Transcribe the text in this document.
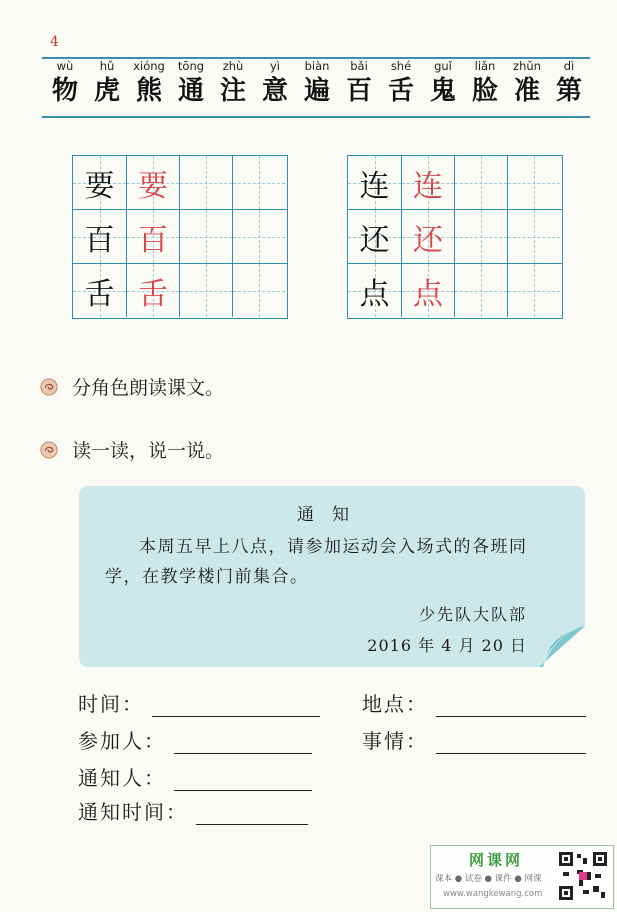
4
wù
物
hǔ
虎
xióng
熊
tōng
通
zhù
注
yì
意
biàn
遍
bǎi
百
shé
舌
guǐ
鬼
liǎn
脸
zhǔn
准
dì
第
要 要
百 百
舌 舌
连 连
还 还
点 点
分角色朗读课文。
读一读，说一说。
通知
本周五早上八点，请参加运动会入场式的各班同学，在教学楼门前集合。
少先队大队部
2016 年 4 月 20 日
时间：	地点：
参加人：	事情：
通知人：
通知时间：
网课网
课本 ● 试卷 ● 课件 ● 网课
www.wangkewang.com
